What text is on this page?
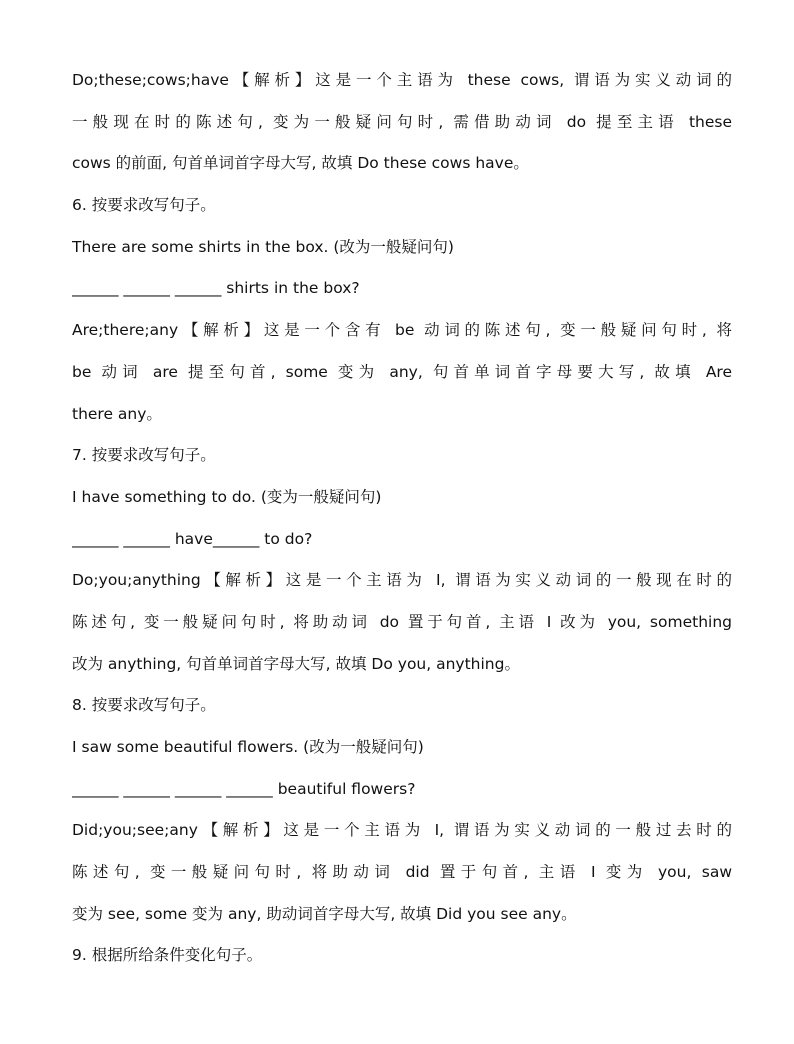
Do;these;cows;have【解析】这是一个主语为 these cows, 谓语为实义动词的
一般现在时的陈述句, 变为一般疑问句时, 需借助动词 do 提至主语 these
cows 的前面, 句首单词首字母大写, 故填 Do these cows have。
6. 按要求改写句子。
There are some shirts in the box. (改为一般疑问句)
______ ______ ______ shirts in the box?
Are;there;any【解析】这是一个含有 be 动词的陈述句, 变一般疑问句时, 将
be 动词 are 提至句首, some 变为 any, 句首单词首字母要大写, 故填 Are
there any。
7. 按要求改写句子。
I have something to do. (变为一般疑问句)
______ ______ have______ to do?
Do;you;anything【解析】这是一个主语为 I, 谓语为实义动词的一般现在时的
陈述句, 变一般疑问句时, 将助动词 do 置于句首, 主语 I 改为 you, something
改为 anything, 句首单词首字母大写, 故填 Do you, anything。
8. 按要求改写句子。
I saw some beautiful flowers. (改为一般疑问句)
______ ______ ______ ______ beautiful flowers?
Did;you;see;any【解析】这是一个主语为 I, 谓语为实义动词的一般过去时的
陈述句, 变一般疑问句时, 将助动词 did 置于句首, 主语 I 变为 you, saw
变为 see, some 变为 any, 助动词首字母大写, 故填 Did you see any。
9. 根据所给条件变化句子。
